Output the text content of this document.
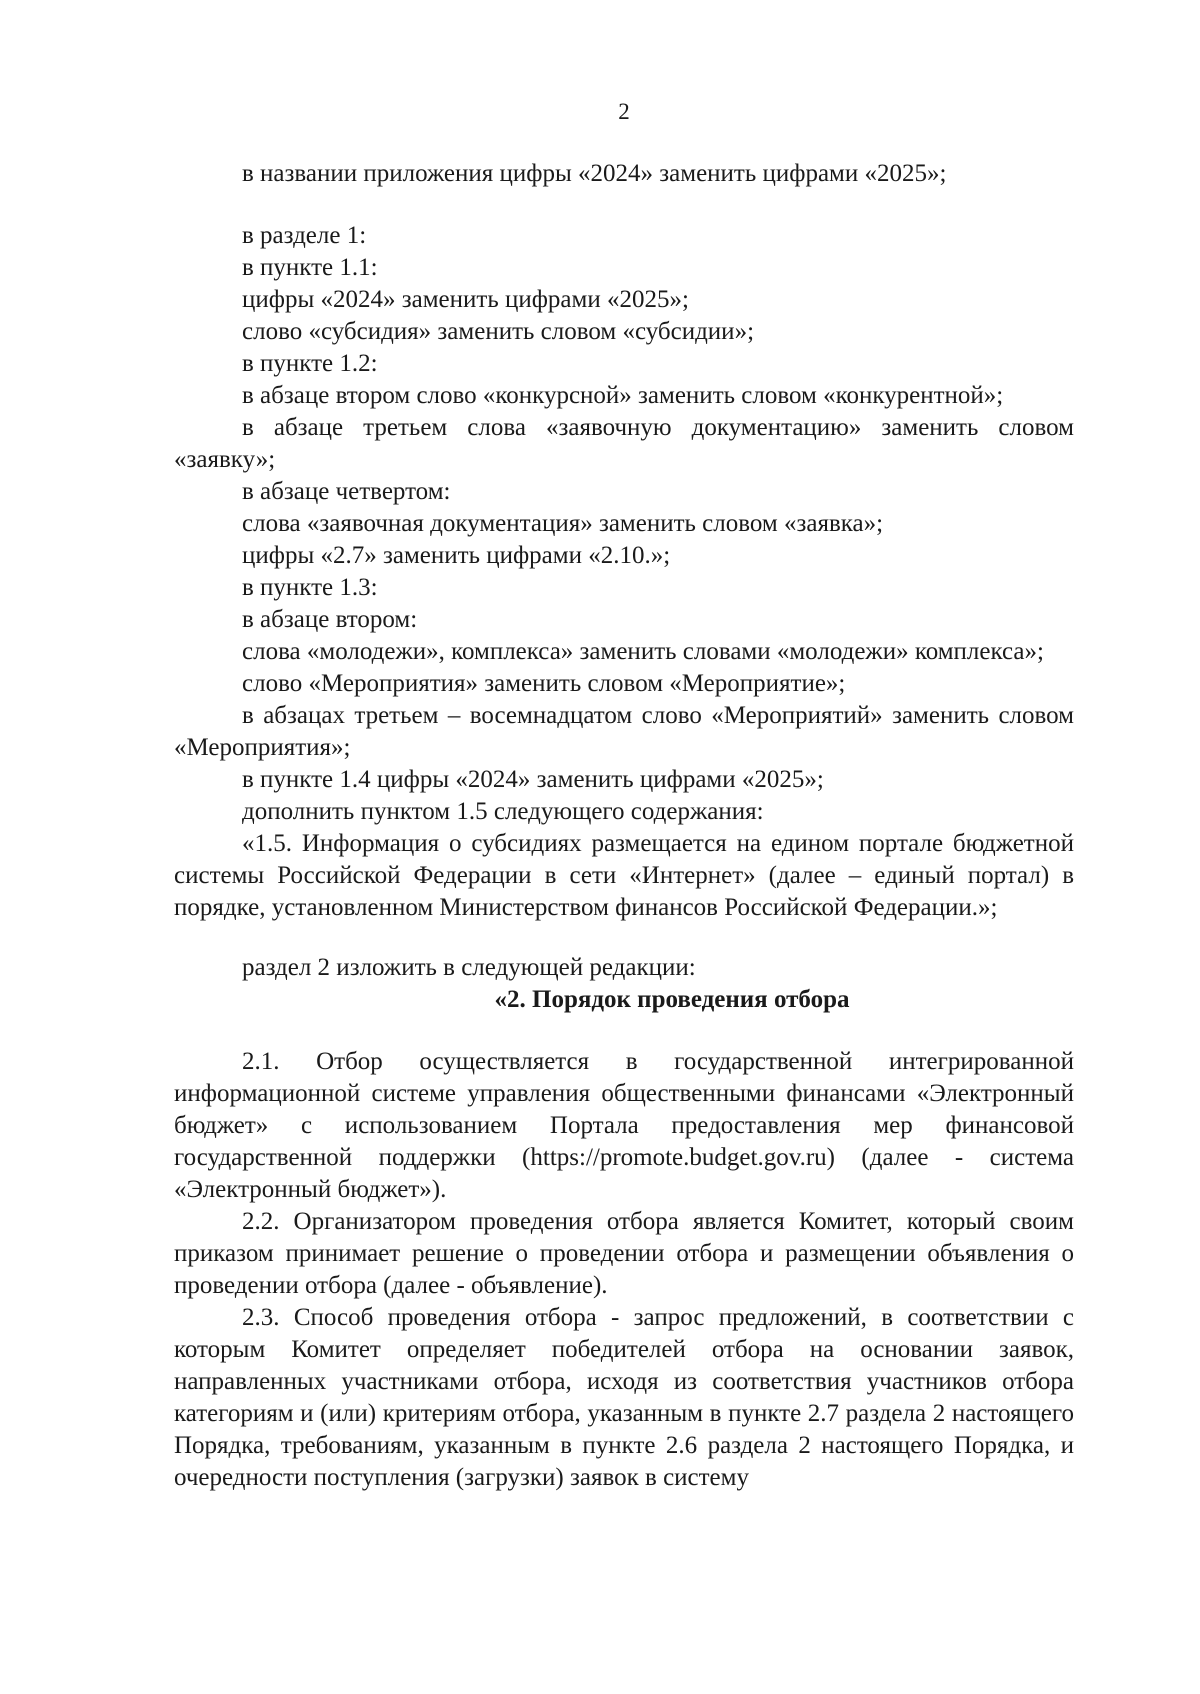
2

в названии приложения цифры «2024» заменить цифрами «2025»;

в разделе 1:

в пункте 1.1:

цифры «2024» заменить цифрами «2025»;

слово «субсидия» заменить словом «субсидии»;

в пункте 1.2:

в абзаце втором слово «конкурсной» заменить словом «конкурентной»;

в абзаце третьем слова «заявочную документацию» заменить словом «заявку»;

в абзаце четвертом:

слова «заявочная документация» заменить словом «заявка»;

цифры «2.7» заменить цифрами «2.10.»;

в пункте 1.3:

в абзаце втором:

слова «молодежи», комплекса» заменить словами «молодежи» комплекса»;

слово «Мероприятия» заменить словом «Мероприятие»;

в абзацах третьем – восемнадцатом слово «Мероприятий» заменить словом «Мероприятия»;

в пункте 1.4 цифры «2024» заменить цифрами «2025»;

дополнить пунктом 1.5 следующего содержания:

«1.5. Информация о субсидиях размещается на едином портале бюджетной системы Российской Федерации в сети «Интернет» (далее – единый портал) в порядке, установленном Министерством финансов Российской Федерации.»;

раздел 2 изложить в следующей редакции:

«2. Порядок проведения отбора

2.1. Отбор осуществляется в государственной интегрированной информационной системе управления общественными финансами «Электронный бюджет» с использованием Портала предоставления мер финансовой государственной поддержки (https://promote.budget.gov.ru) (далее - система «Электронный бюджет»).

2.2. Организатором проведения отбора является Комитет, который своим приказом принимает решение о проведении отбора и размещении объявления о проведении отбора (далее - объявление).

2.3. Способ проведения отбора - запрос предложений, в соответствии с которым Комитет определяет победителей отбора на основании заявок, направленных участниками отбора, исходя из соответствия участников отбора категориям и (или) критериям отбора, указанным в пункте 2.7 раздела 2 настоящего Порядка, требованиям, указанным в пункте 2.6 раздела 2 настоящего Порядка, и очередности поступления (загрузки) заявок в систему
